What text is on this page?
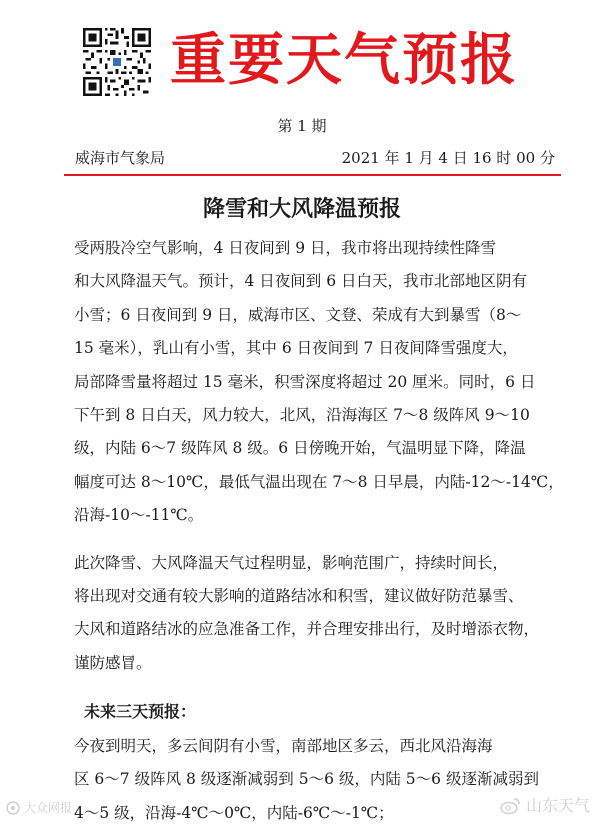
重要天气预报
第 1 期
威海市气象局	2021 年 1 月 4 日 16 时 00 分
降雪和大风降温预报
受两股冷空气影响，4 日夜间到 9 日，我市将出现持续性降雪
和大风降温天气。预计，4 日夜间到 6 日白天，我市北部地区阴有
小雪；6 日夜间到 9 日，威海市区、文登、荣成有大到暴雪（8～
15 毫米），乳山有小雪，其中 6 日夜间到 7 日夜间降雪强度大，
局部降雪量将超过 15 毫米，积雪深度将超过 20 厘米。同时，6 日
下午到 8 日白天，风力较大，北风，沿海海区 7～8 级阵风 9～10
级，内陆 6～7 级阵风 8 级。6 日傍晚开始，气温明显下降，降温
幅度可达 8～10℃，最低气温出现在 7～8 日早晨，内陆-12～-14℃，
沿海-10～-11℃。
此次降雪、大风降温天气过程明显，影响范围广，持续时间长，
将出现对交通有较大影响的道路结冰和积雪，建议做好防范暴雪、
大风和道路结冰的应急准备工作，并合理安排出行，及时增添衣物，
谨防感冒。
未来三天预报：
今夜到明天，多云间阴有小雪，南部地区多云，西北风沿海海
区 6～7 级阵风 8 级逐渐减弱到 5～6 级，内陆 5～6 级逐渐减弱到
4～5 级，沿海-4℃～0℃，内陆-6℃～-1℃；
大众网报	山东天气
